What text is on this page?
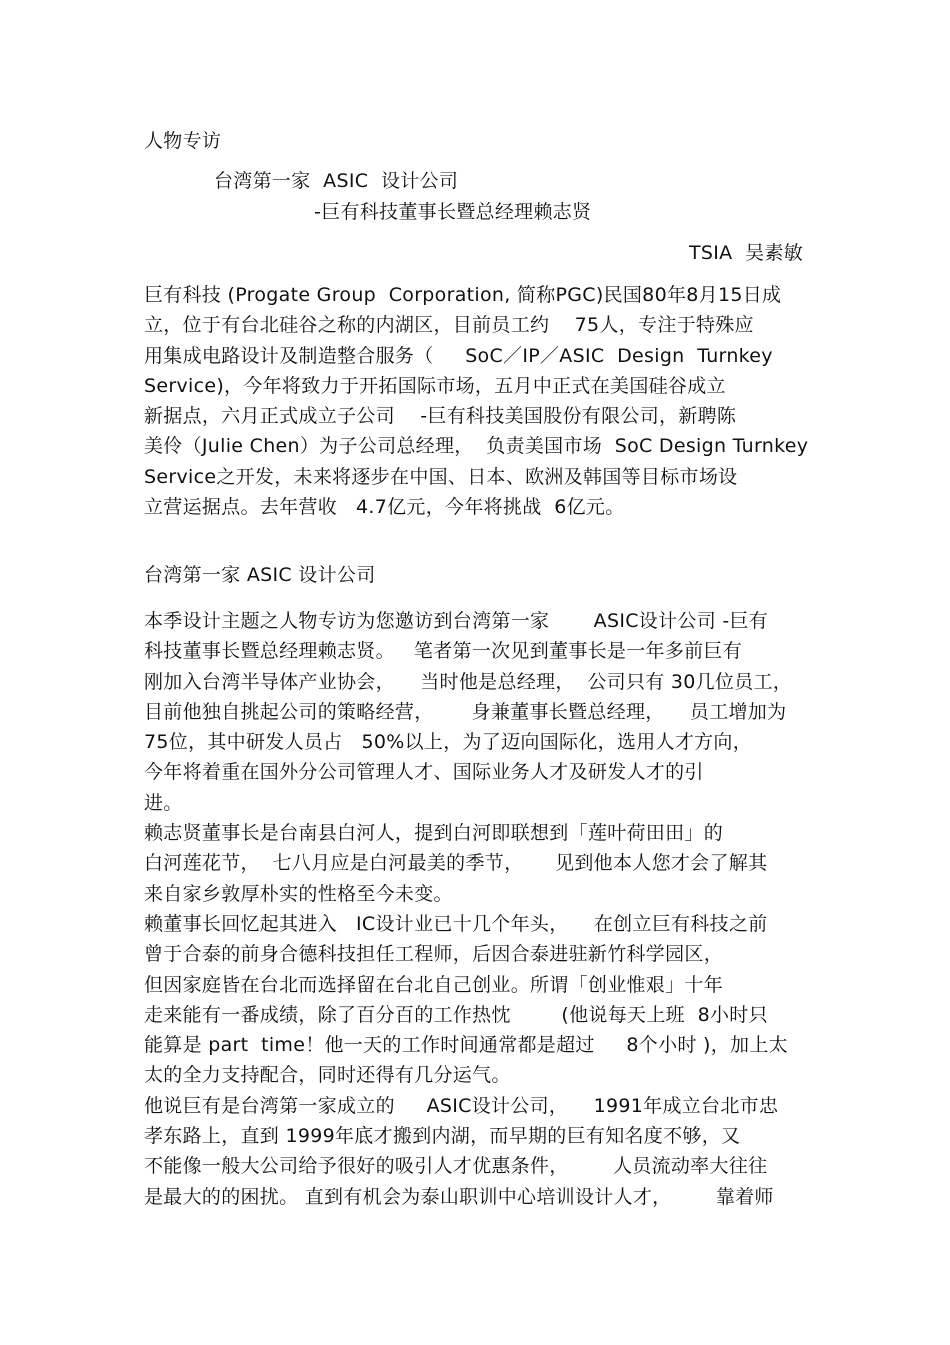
人物专访
台湾第一家  ASIC  设计公司
-巨有科技董事长暨总经理赖志贤
TSIA  吴素敏
巨有科技 (Progate Group  Corporation, 简称PGC)民国80年8月15日成
立，位于有台北硅谷之称的内湖区，目前员工约    75人，专注于特殊应
用集成电路设计及制造整合服务（     SoC／IP／ASIC  Design  Turnkey
Service)，今年将致力于开拓国际市场，五月中正式在美国硅谷成立
新据点，六月正式成立子公司    -巨有科技美国股份有限公司，新聘陈
美伶（Julie Chen）为子公司总经理，  负责美国市场  SoC Design Turnkey
Service之开发，未来将逐步在中国、日本、欧洲及韩国等目标市场设
立营运据点。去年营收   4.7亿元，今年将挑战  6亿元。
台湾第一家 ASIC 设计公司
本季设计主题之人物专访为您邀访到台湾第一家       ASIC设计公司 -巨有
科技董事长暨总经理赖志贤。   笔者第一次见到董事长是一年多前巨有
刚加入台湾半导体产业协会，    当时他是总经理，  公司只有 30几位员工，
目前他独自挑起公司的策略经营，      身兼董事长暨总经理，    员工增加为
75位，其中研发人员占   50%以上，为了迈向国际化，选用人才方向，
今年将着重在国外分公司管理人才、国际业务人才及研发人才的引
进。
赖志贤董事长是台南县白河人，提到白河即联想到「莲叶荷田田」的
白河莲花节，  七八月应是白河最美的季节，     见到他本人您才会了解其
来自家乡敦厚朴实的性格至今未变。
赖董事长回忆起其进入   IC设计业已十几个年头，    在创立巨有科技之前
曾于合泰的前身合德科技担任工程师，后因合泰进驻新竹科学园区，
但因家庭皆在台北而选择留在台北自己创业。所谓「创业惟艰」十年
走来能有一番成绩，除了百分百的工作热忱        (他说每天上班  8小时只
能算是 part  time！他一天的工作时间通常都是超过     8个小时 )，加上太
太的全力支持配合，同时还得有几分运气。
他说巨有是台湾第一家成立的     ASIC设计公司，    1991年成立台北市忠
孝东路上，直到 1999年底才搬到内湖，而早期的巨有知名度不够，又
不能像一般大公司给予很好的吸引人才优惠条件，       人员流动率大往往
是最大的的困扰。 直到有机会为泰山职训中心培训设计人才，       靠着师
